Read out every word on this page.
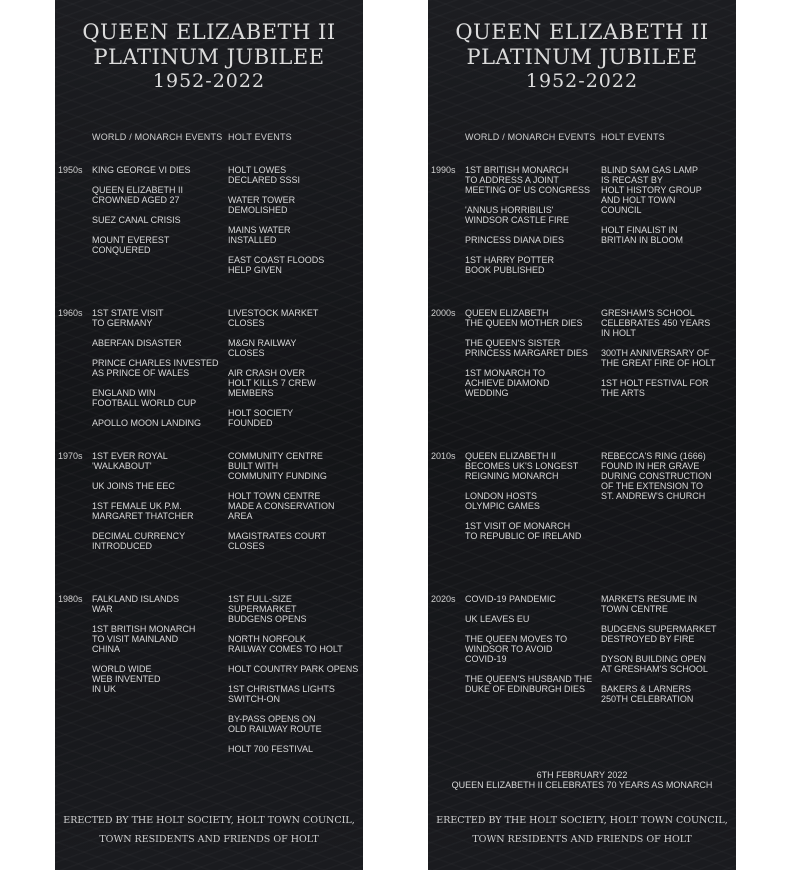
QUEEN ELIZABETH II
PLATINUM JUBILEE
1952-2022
WORLD / MONARCH EVENTS HOLT EVENTS
1950s KING GEORGE VI DIES
QUEEN ELIZABETH II
CROWNED AGED 27
SUEZ CANAL CRISIS
MOUNT EVEREST
CONQUERED
HOLT LOWES
DECLARED SSSI
WATER TOWER
DEMOLISHED
MAINS WATER
INSTALLED
EAST COAST FLOODS
HELP GIVEN
1960s 1ST STATE VISIT
TO GERMANY
ABERFAN DISASTER
PRINCE CHARLES INVESTED
AS PRINCE OF WALES
ENGLAND WIN
FOOTBALL WORLD CUP
APOLLO MOON LANDING
LIVESTOCK MARKET
CLOSES
M&GN RAILWAY
CLOSES
AIR CRASH OVER
HOLT KILLS 7 CREW
MEMBERS
HOLT SOCIETY
FOUNDED
1970s 1ST EVER ROYAL
'WALKABOUT'
UK JOINS THE EEC
1ST FEMALE UK P.M.
MARGARET THATCHER
DECIMAL CURRENCY
INTRODUCED
COMMUNITY CENTRE
BUILT WITH
COMMUNITY FUNDING
HOLT TOWN CENTRE
MADE A CONSERVATION
AREA
MAGISTRATES COURT
CLOSES
1980s FALKLAND ISLANDS
WAR
1ST BRITISH MONARCH
TO VISIT MAINLAND
CHINA
WORLD WIDE
WEB INVENTED
IN UK
1ST FULL-SIZE SUPERMARKET
BUDGENS OPENS
NORTH NORFOLK
RAILWAY COMES TO HOLT
HOLT COUNTRY PARK OPENS
1ST CHRISTMAS LIGHTS
SWITCH-ON
BY-PASS OPENS ON
OLD RAILWAY ROUTE
HOLT 700 FESTIVAL
ERECTED BY THE HOLT SOCIETY, HOLT TOWN COUNCIL,
TOWN RESIDENTS AND FRIENDS OF HOLT
QUEEN ELIZABETH II
PLATINUM JUBILEE
1952-2022
WORLD / MONARCH EVENTS HOLT EVENTS
1990s 1ST BRITISH MONARCH
TO ADDRESS A JOINT
MEETING OF US CONGRESS
'ANNUS HORRIBILIS'
WINDSOR CASTLE FIRE
PRINCESS DIANA DIES
1ST HARRY POTTER
BOOK PUBLISHED
BLIND SAM GAS LAMP
IS RECAST BY
HOLT HISTORY GROUP
AND HOLT TOWN
COUNCIL
HOLT FINALIST IN
BRITIAN IN BLOOM
2000s QUEEN ELIZABETH
THE QUEEN MOTHER DIES
THE QUEEN'S SISTER
PRINCESS MARGARET DIES
1ST MONARCH TO
ACHIEVE DIAMOND
WEDDING
GRESHAM'S SCHOOL
CELEBRATES 450 YEARS
IN HOLT
300TH ANNIVERSARY OF
THE GREAT FIRE OF HOLT
1ST HOLT FESTIVAL FOR
THE ARTS
2010s QUEEN ELIZABETH II
BECOMES UK'S LONGEST
REIGNING MONARCH
LONDON HOSTS
OLYMPIC GAMES
1ST VISIT OF MONARCH
TO REPUBLIC OF IRELAND
REBECCA'S RING (1666)
FOUND IN HER GRAVE
DURING CONSTRUCTION
OF THE EXTENSION TO
ST. ANDREW'S CHURCH
2020s COVID-19 PANDEMIC
UK LEAVES EU
THE QUEEN MOVES TO
WINDSOR TO AVOID
COVID-19
THE QUEEN'S HUSBAND THE
DUKE OF EDINBURGH DIES
MARKETS RESUME IN
TOWN CENTRE
BUDGENS SUPERMARKET
DESTROYED BY FIRE
DYSON BUILDING OPEN
AT GRESHAM'S SCHOOL
BAKERS & LARNERS
250TH CELEBRATION
6TH FEBRUARY 2022
QUEEN ELIZABETH II CELEBRATES 70 YEARS AS MONARCH
ERECTED BY THE HOLT SOCIETY, HOLT TOWN COUNCIL,
TOWN RESIDENTS AND FRIENDS OF HOLT
